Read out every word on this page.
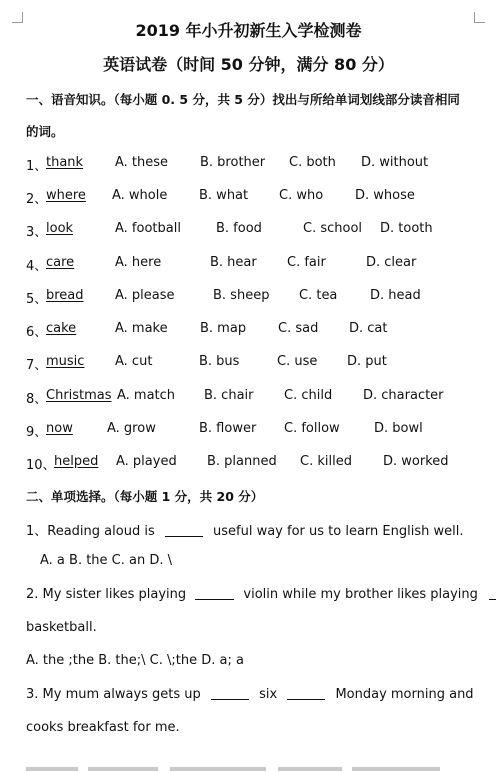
2019 年小升初新生入学检测卷
英语试卷（时间 50 分钟，满分 80 分）
一、语音知识。（每小题 0. 5 分，共 5 分）找出与所给单词划线部分读音相同
的词。
1、
thank A. these B. brother C. both D. without
2、
where A. whole B. what C. who D. whose
3、
look	A. football	B. food	C. school D. tooth
4、
care	A. here	B. hear C. fair	D. clear
5、
bread A. please	B. sheep C. tea	D. head
6、
cake	A. make B. map C. sad D. cat
7、
music A. cut	B. bus	C. use D. put
8、
Christmas A. match B. chair C. child D. character
9、
now	A. grow	B. flower C. follow	D. bowl
10、
helped A. played B. planned C. killed D. worked
二、单项选择。（每小题 1 分，共 20 分）
1、Reading aloud is	useful way for us to learn English well.
A. a B. the C. an D. \
2. My sister likes playing	violin while my brother likes playing
basketball.
A. the ;the B. the;\ C. \;the D. a; a
3. My mum always gets up	six	Monday morning and
cooks breakfast for me.
